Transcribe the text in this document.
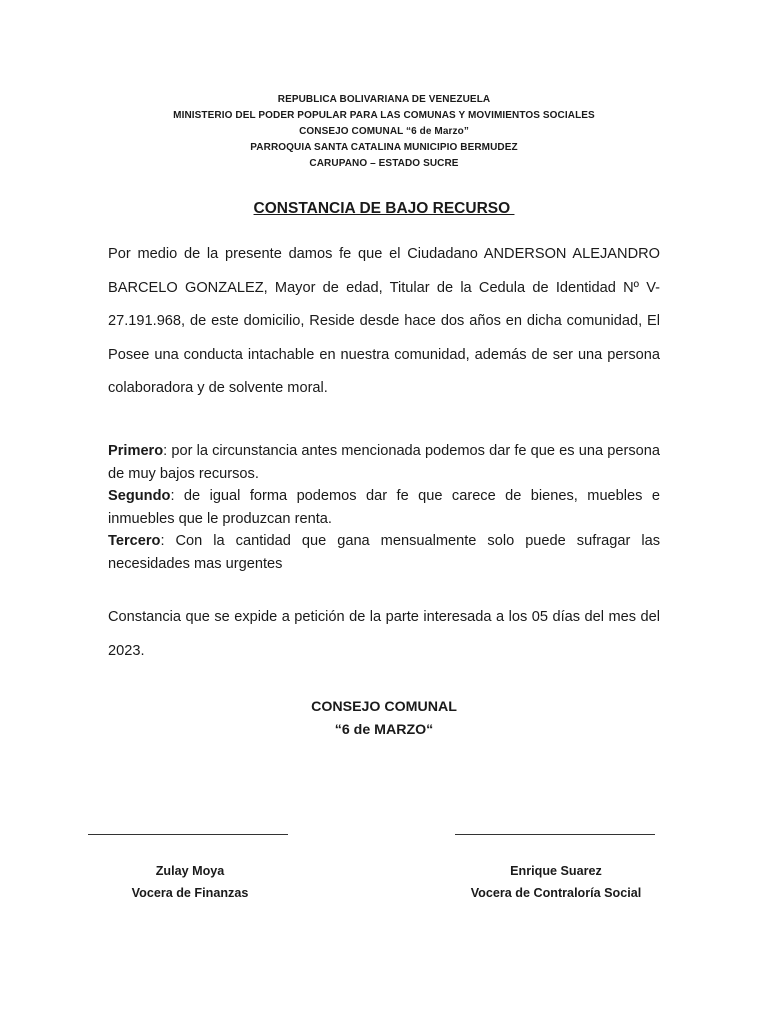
REPUBLICA BOLIVARIANA DE VENEZUELA
MINISTERIO DEL PODER POPULAR PARA LAS COMUNAS Y MOVIMIENTOS SOCIALES
CONSEJO COMUNAL “6 de Marzo”
PARROQUIA SANTA CATALINA MUNICIPIO BERMUDEZ
CARUPANO – ESTADO SUCRE
CONSTANCIA DE BAJO RECURSO

Por medio de la presente damos fe que el Ciudadano ANDERSON ALEJANDRO BARCELO GONZALEZ, Mayor de edad, Titular de la Cedula de Identidad Nº V-27.191.968, de este domicilio, Reside desde hace dos años en dicha comunidad, El Posee una conducta intachable en nuestra comunidad, además de ser una persona colaboradora y de solvente moral.

Primero: por la circunstancia antes mencionada podemos dar fe que es una persona de muy bajos recursos.

Segundo: de igual forma podemos dar fe que carece de bienes, muebles e inmuebles que le produzcan renta.

Tercero: Con la cantidad que gana mensualmente solo puede sufragar las necesidades mas urgentes

Constancia que se expide a petición de la parte interesada a los 05 días del mes del 2023.

CONSEJO COMUNAL
“6 de MARZO“
Zulay Moya
Vocera de Finanzas
Enrique Suarez
Vocera de Contraloría Social
